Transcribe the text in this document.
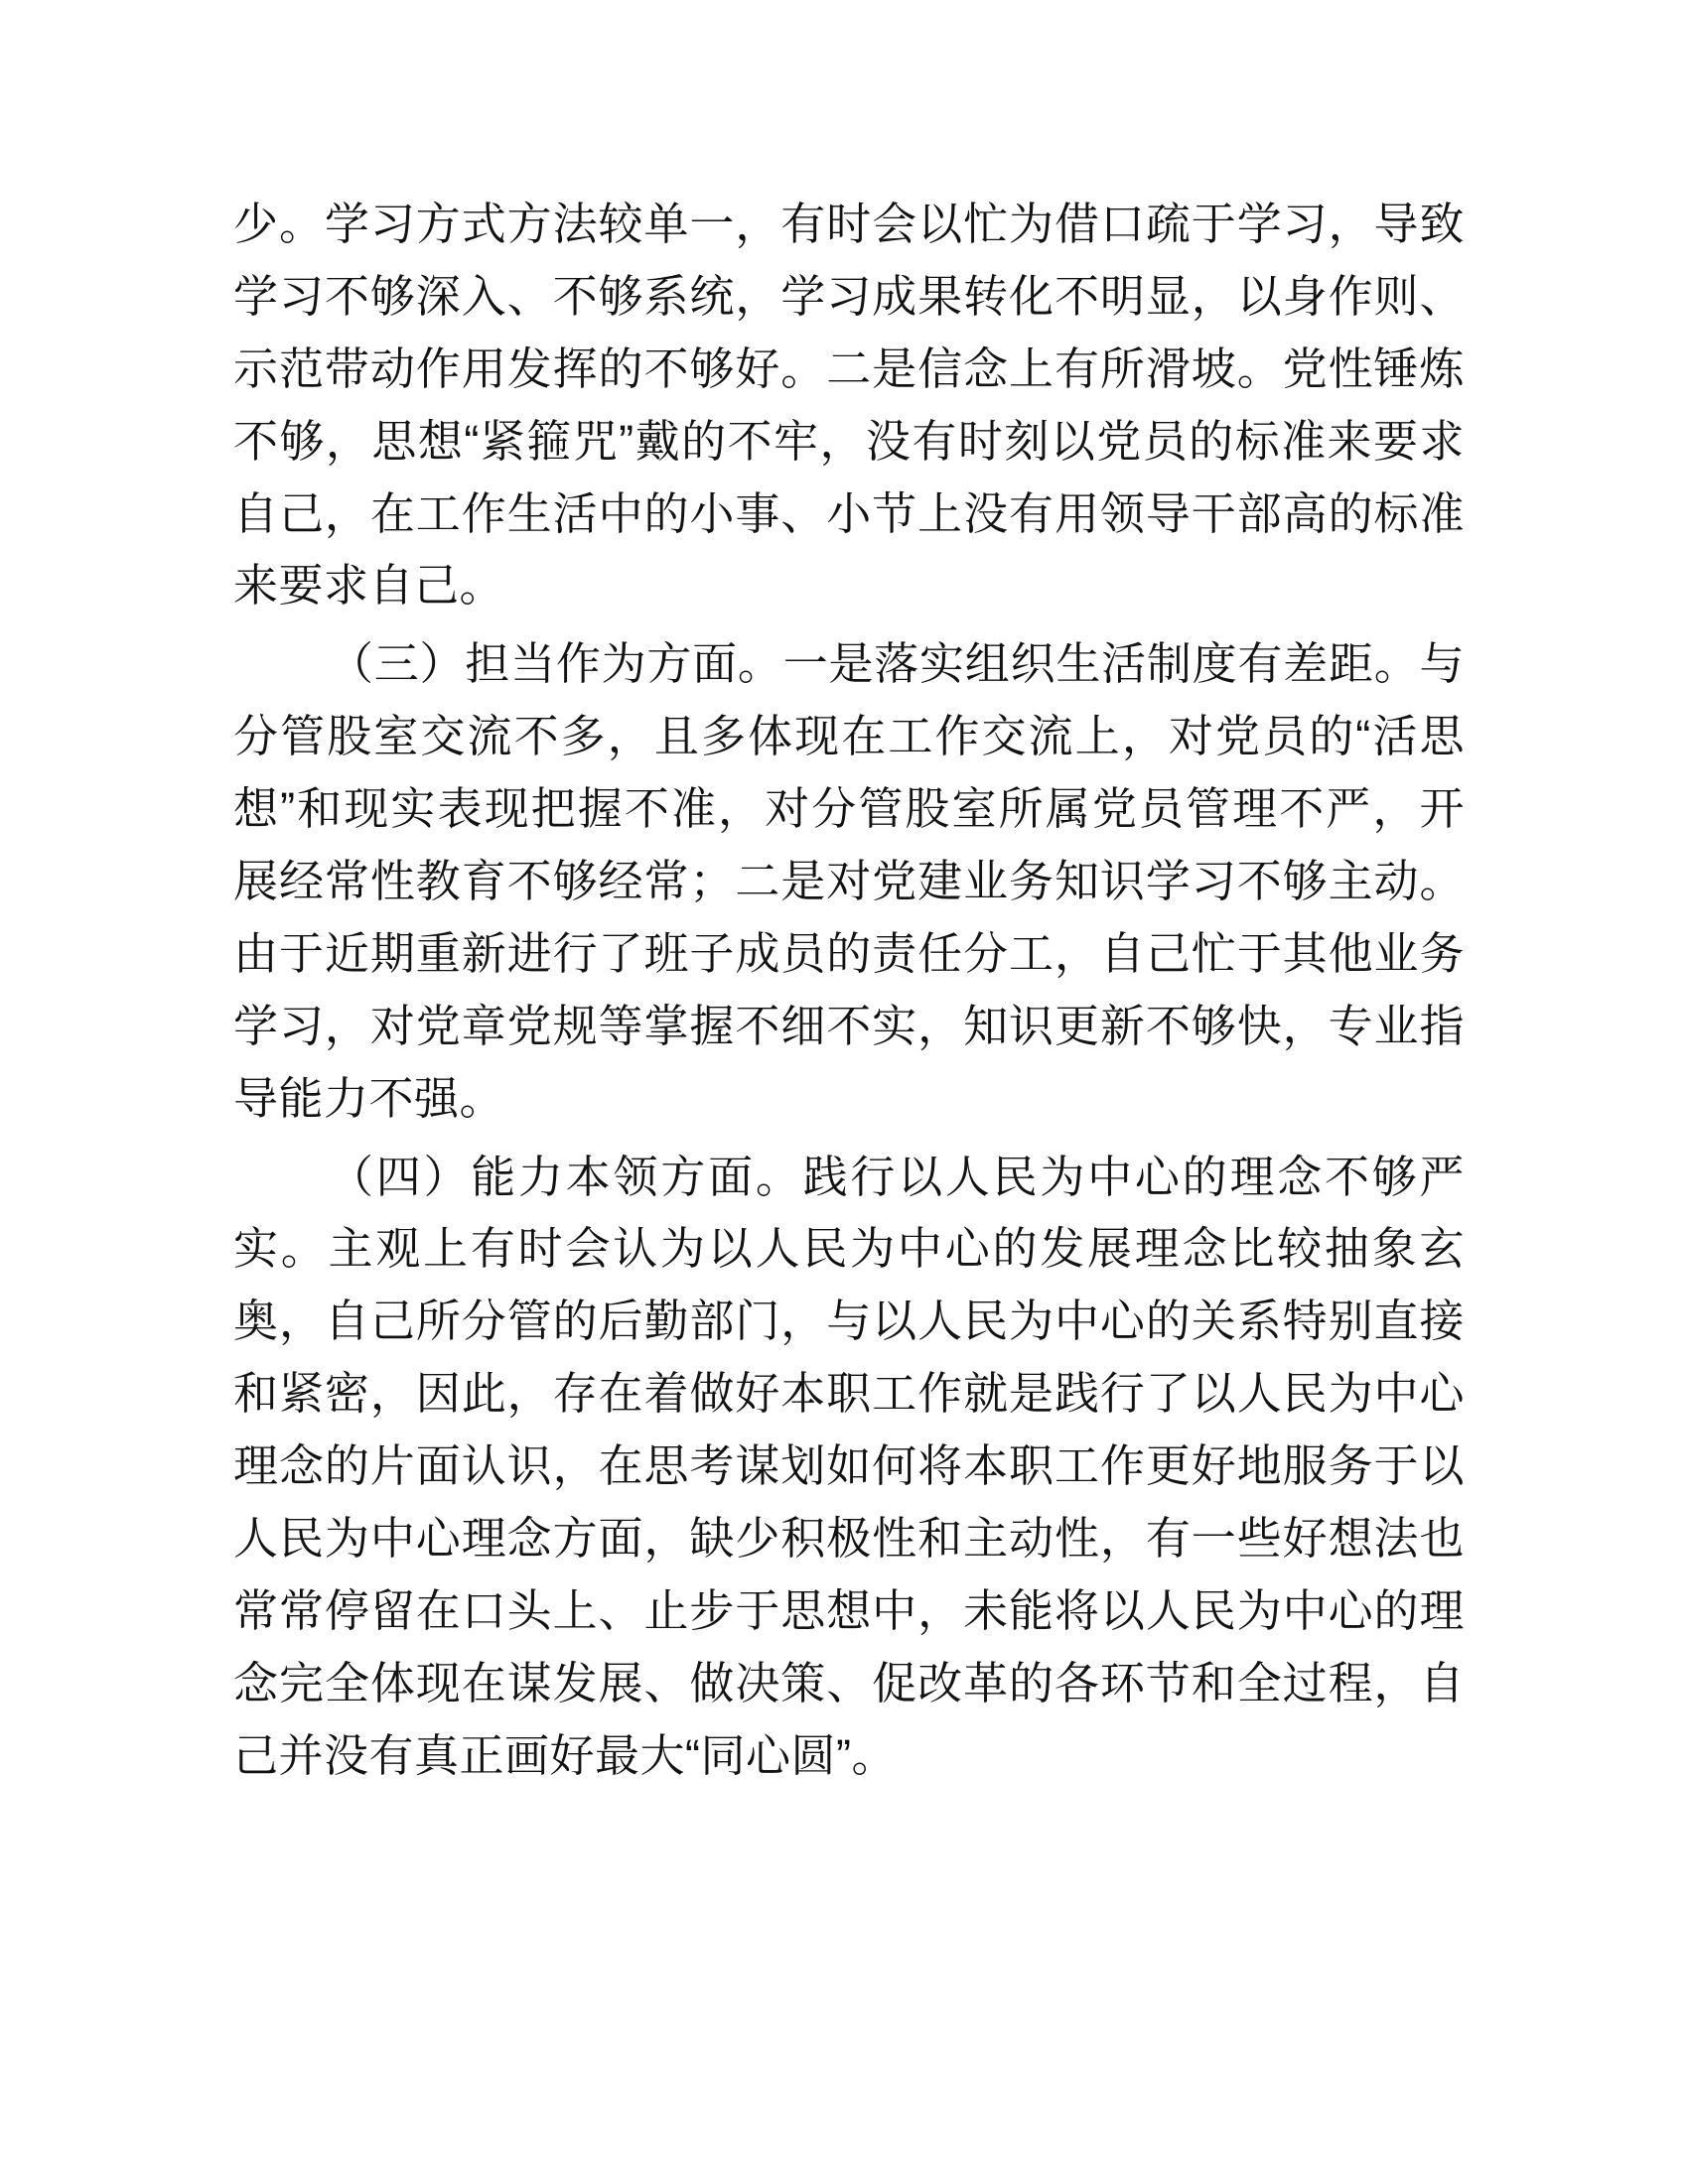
少。学习方式方法较单一，有时会以忙为借口疏于学习，导致学习不够深入、不够系统，学习成果转化不明显，以身作则、示范带动作用发挥的不够好。二是信念上有所滑坡。党性锤炼不够，思想“紧箍咒”戴的不牢，没有时刻以党员的标准来要求自己，在工作生活中的小事、小节上没有用领导干部高的标准来要求自己。

（三）担当作为方面。一是落实组织生活制度有差距。与分管股室交流不多，且多体现在工作交流上，对党员的“活思想”和现实表现把握不准，对分管股室所属党员管理不严，开展经常性教育不够经常；二是对党建业务知识学习不够主动。由于近期重新进行了班子成员的责任分工，自己忙于其他业务学习，对党章党规等掌握不细不实，知识更新不够快，专业指导能力不强。

（四）能力本领方面。践行以人民为中心的理念不够严实。主观上有时会认为以人民为中心的发展理念比较抽象玄奥，自己所分管的后勤部门，与以人民为中心的关系特别直接和紧密，因此，存在着做好本职工作就是践行了以人民为中心理念的片面认识，在思考谋划如何将本职工作更好地服务于以人民为中心理念方面，缺少积极性和主动性，有一些好想法也常常停留在口头上、止步于思想中，未能将以人民为中心的理念完全体现在谋发展、做决策、促改革的各环节和全过程，自己并没有真正画好最大“同心圆”。
